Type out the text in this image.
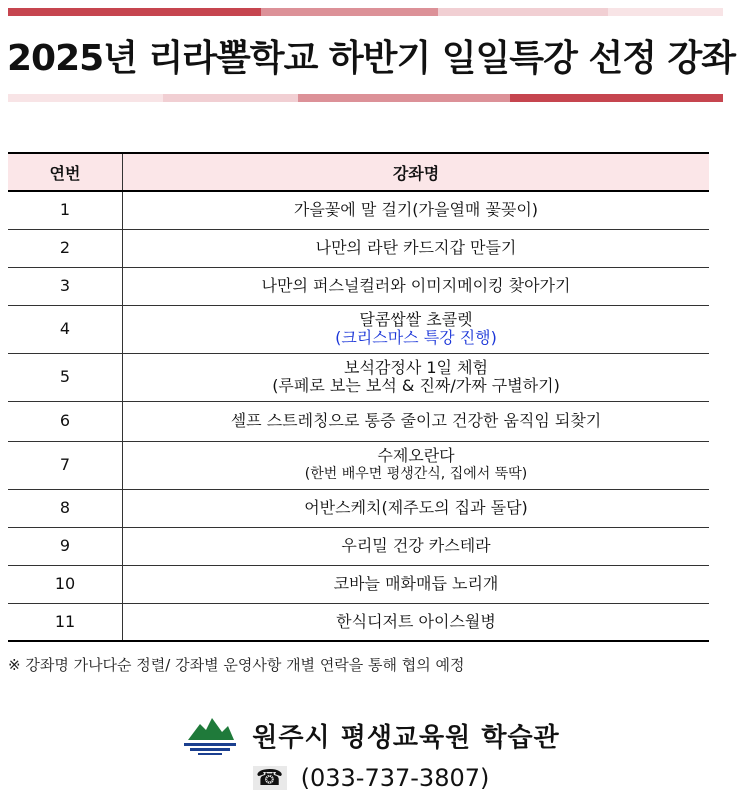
2025년 리라뽈학교 하반기 일일특강 선정 강좌
연번	강좌명
1	가을꽃에 말 걸기(가을열매 꽃꽂이)

2	나만의 라탄 카드지갑 만들기

3	나만의 퍼스널컬러와 이미지메이킹 찾아가기

4	달콤쌉쌀 초콜렛
(크리스마스 특강 진행)

5	보석감정사 1일 체험
(루페로 보는 보석 & 진짜/가짜 구별하기)

6	셀프 스트레칭으로 통증 줄이고 건강한 움직임 되찾기

7	수제오란다
(한번 배우면 평생간식, 집에서 뚝딱)

8	어반스케치(제주도의 집과 돌담)

9	우리밀 건강 카스테라

10	코바늘 매화매듭 노리개

11	한식디저트 아이스월병
※ 강좌명 가나다순 정렬/ 강좌별 운영사항 개별 연락을 통해 협의 예정
원주시 평생교육원 학습관
☎ (033-737-3807)
